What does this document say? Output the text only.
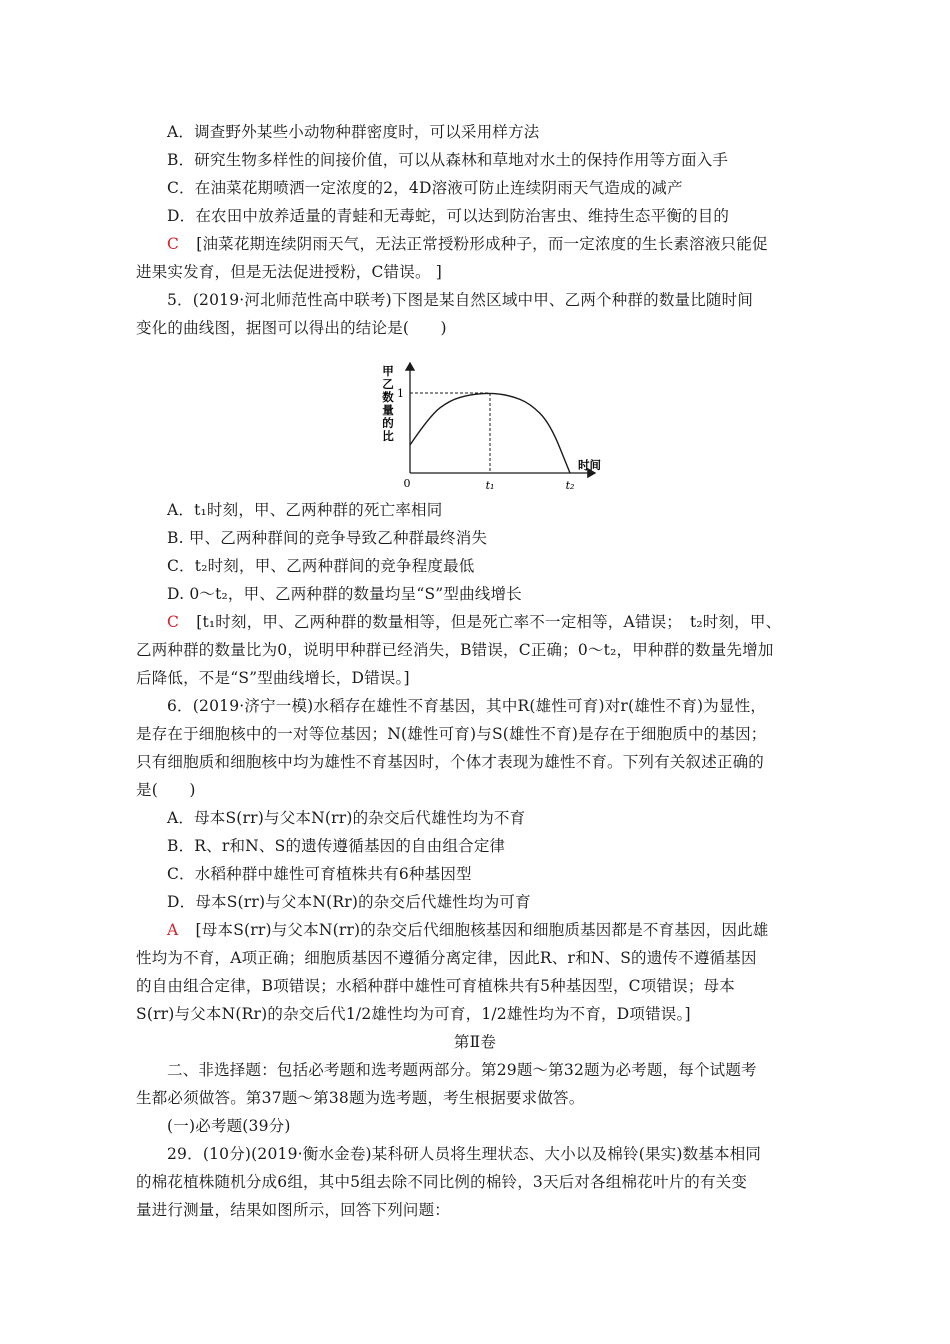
A．调查野外某些小动物种群密度时，可以采用样方法
B．研究生物多样性的间接价值，可以从森林和草地对水土的保持作用等方面入手
C．在油菜花期喷洒一定浓度的2，4D溶液可防止连续阴雨天气造成的减产
D．在农田中放养适量的青蛙和无毒蛇，可以达到防治害虫、维持生态平衡的目的
C [油菜花期连续阴雨天气，无法正常授粉形成种子，而一定浓度的生长素溶液只能促
进果实发育，但是无法促进授粉，C错误。 ]
5．(2019·河北师范性高中联考)下图是某自然区域中甲、乙两个种群的数量比随时间
变化的曲线图，据图可以得出的结论是(　　)
甲
乙
数
量
的
比
0
1
时间
t₁	t₂
A．t₁时刻，甲、乙两种群的死亡率相同
B. 甲、乙两种群间的竞争导致乙种群最终消失
C．t₂时刻，甲、乙两种群间的竞争程度最低
D. 0～t₂，甲、乙两种群的数量均呈“S”型曲线增长
C [t₁时刻，甲、乙两种群的数量相等，但是死亡率不一定相等，A错误；　t₂时刻，甲、
乙两种群的数量比为0，说明甲种群已经消失，B错误，C正确；0～t₂，甲种群的数量先增加
后降低，不是“S”型曲线增长，D错误。]
6．(2019·济宁一模)水稻存在雄性不育基因，其中R(雄性可育)对r(雄性不育)为显性，
是存在于细胞核中的一对等位基因；N(雄性可育)与S(雄性不育)是存在于细胞质中的基因；
只有细胞质和细胞核中均为雄性不育基因时，个体才表现为雄性不育。下列有关叙述正确的
是(　　)
A．母本S(rr)与父本N(rr)的杂交后代雄性均为不育
B．R、r和N、S的遗传遵循基因的自由组合定律
C．水稻种群中雄性可育植株共有6种基因型
D．母本S(rr)与父本N(Rr)的杂交后代雄性均为可育
A [母本S(rr)与父本N(rr)的杂交后代细胞核基因和细胞质基因都是不育基因，因此雄
性均为不育，A项正确；细胞质基因不遵循分离定律，因此R、r和N、S的遗传不遵循基因
的自由组合定律，B项错误；水稻种群中雄性可育植株共有5种基因型，C项错误；母本
S(rr)与父本N(Rr)的杂交后代1/2雄性均为可育，1/2雄性均为不育，D项错误。]
第Ⅱ卷
二、非选择题：包括必考题和选考题两部分。第29题～第32题为必考题，每个试题考
生都必须做答。第37题～第38题为选考题，考生根据要求做答。
(一)必考题(39分)
29．(10分)(2019·衡水金卷)某科研人员将生理状态、大小以及棉铃(果实)数基本相同
的棉花植株随机分成6组，其中5组去除不同比例的棉铃，3天后对各组棉花叶片的有关变
量进行测量，结果如图所示，回答下列问题：
